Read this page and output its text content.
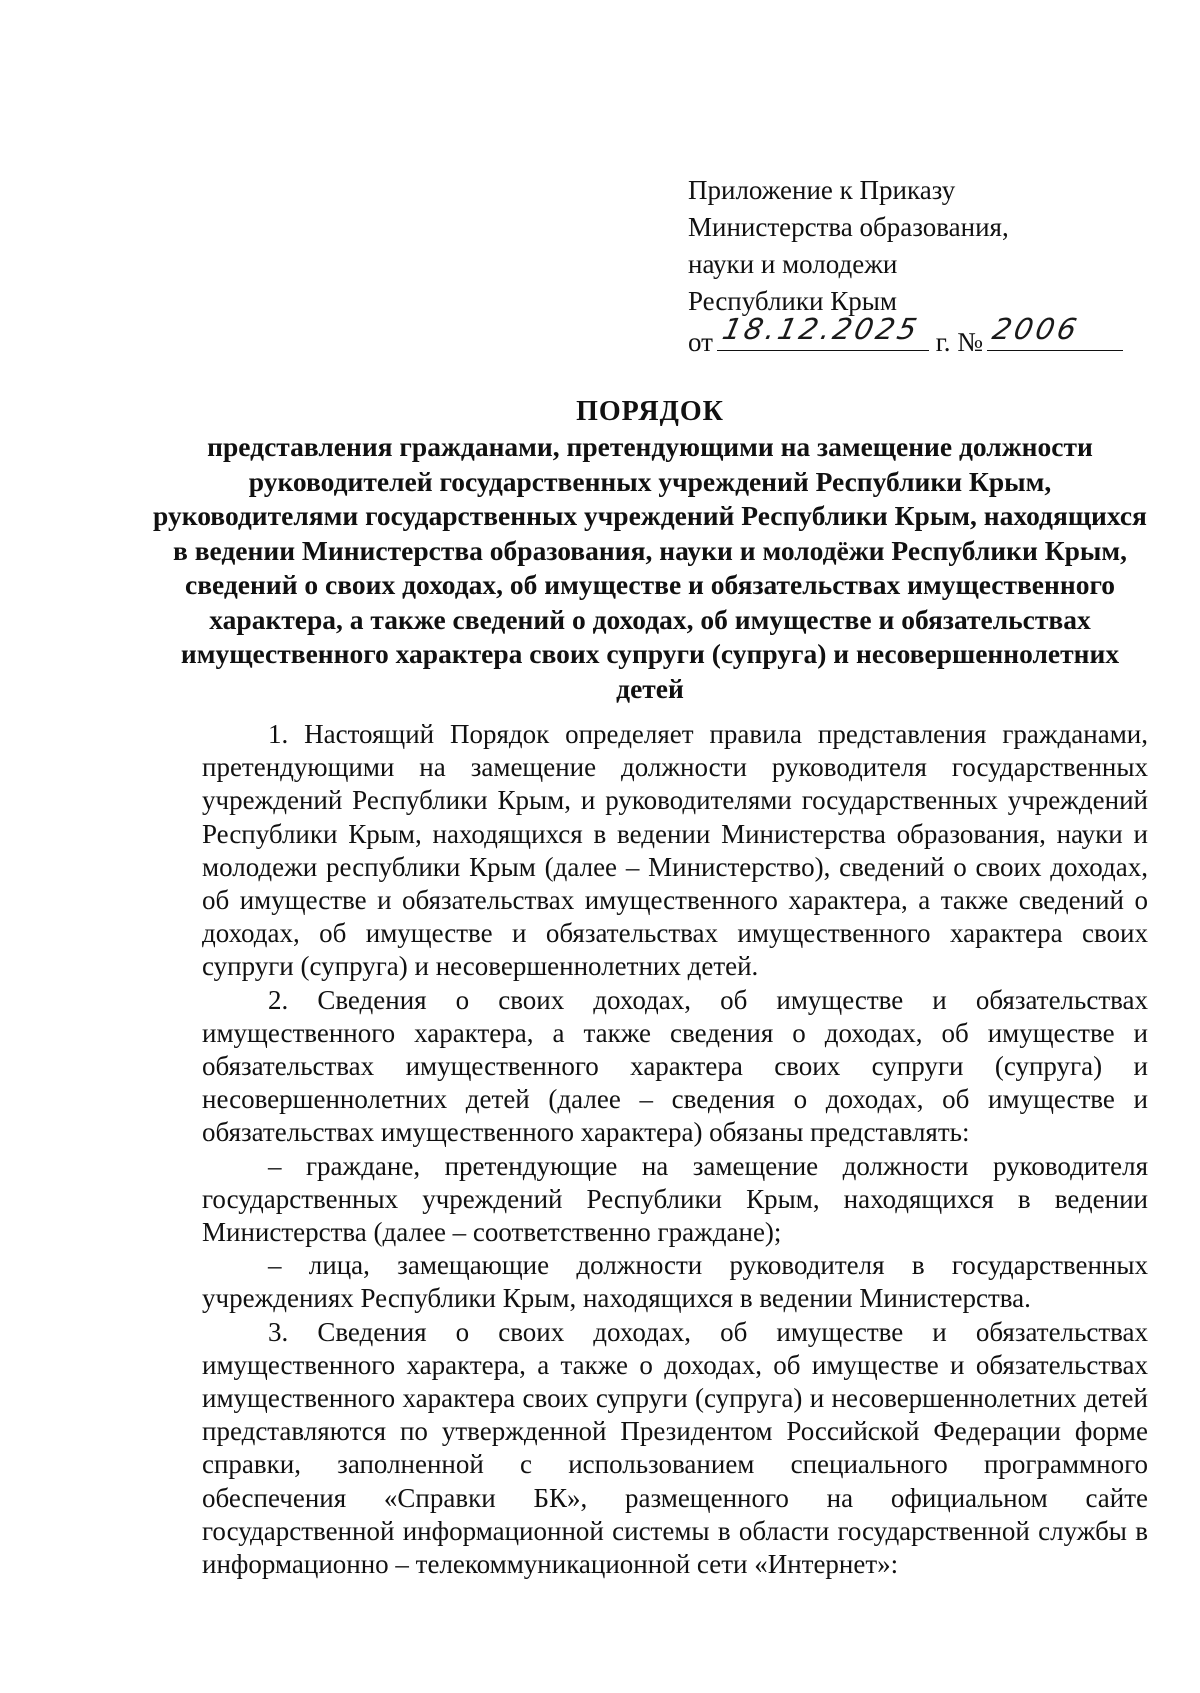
Приложение к Приказу
Министерства образования,
науки и молодежи
Республики Крым
от 18.12.2025 г. № 2006
ПОРЯДОК
представления гражданами, претендующими на замещение должности руководителей государственных учреждений Республики Крым, руководителями государственных учреждений Республики Крым, находящихся в ведении Министерства образования, науки и молодёжи Республики Крым, сведений о своих доходах, об имуществе и обязательствах имущественного характера, а также сведений о доходах, об имуществе и обязательствах имущественного характера своих супруги (супруга) и несовершеннолетних детей

1. Настоящий Порядок определяет правила представления гражданами, претендующими на замещение должности руководителя государственных учреждений Республики Крым, и руководителями государственных учреждений Республики Крым, находящихся в ведении Министерства образования, науки и молодежи республики Крым (далее – Министерство), сведений о своих доходах, об имуществе и обязательствах имущественного характера, а также сведений о доходах, об имуществе и обязательствах имущественного характера своих супруги (супруга) и несовершеннолетних детей.

2. Сведения о своих доходах, об имуществе и обязательствах имущественного характера, а также сведения о доходах, об имуществе и обязательствах имущественного характера своих супруги (супруга) и несовершеннолетних детей (далее – сведения о доходах, об имуществе и обязательствах имущественного характера) обязаны представлять:

– граждане, претендующие на замещение должности руководителя государственных учреждений Республики Крым, находящихся в ведении Министерства (далее – соответственно граждане);

– лица, замещающие должности руководителя в государственных учреждениях Республики Крым, находящихся в ведении Министерства.

3. Сведения о своих доходах, об имуществе и обязательствах имущественного характера, а также о доходах, об имуществе и обязательствах имущественного характера своих супруги (супруга) и несовершеннолетних детей представляются по утвержденной Президентом Российской Федерации форме справки, заполненной с использованием специального программного обеспечения «Справки БК», размещенного на официальном сайте государственной информационной системы в области государственной службы в информационно – телекоммуникационной сети «Интернет»:
